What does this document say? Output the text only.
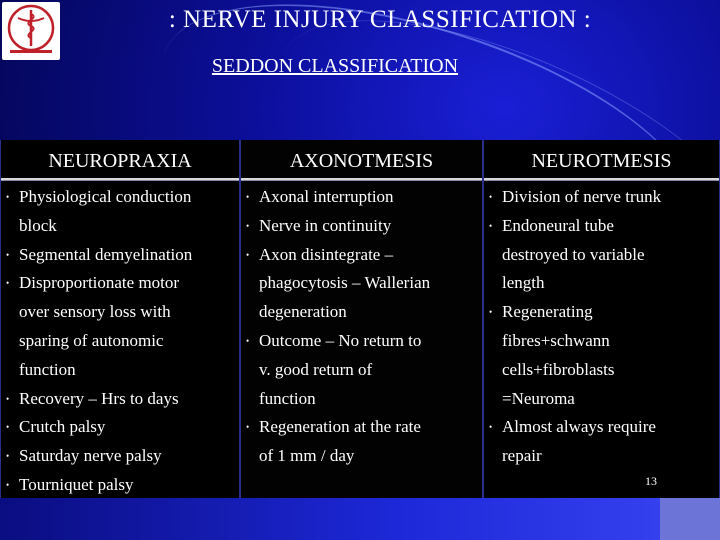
: NERVE INJURY CLASSIFICATION :
SEDDON CLASSIFICATION
NEUROPRAXIA
• Physiological conduction
block
• Segmental demyelination
• Disproportionate motor
over sensory loss with
sparing of autonomic
function
• Recovery – Hrs to days
• Crutch palsy
• Saturday nerve palsy
• Tourniquet palsy
AXONOTMESIS
• Axonal interruption
• Nerve in continuity
• Axon disintegrate –
phagocytosis – Wallerian
degeneration
• Outcome – No return to
v. good return of
function
• Regeneration at the rate
of 1 mm / day
NEUROTMESIS
• Division of nerve trunk
• Endoneural tube
destroyed to variable
length
• Regenerating
fibres+schwann
cells+fibroblasts
=Neuroma
• Almost always require
repair
13
